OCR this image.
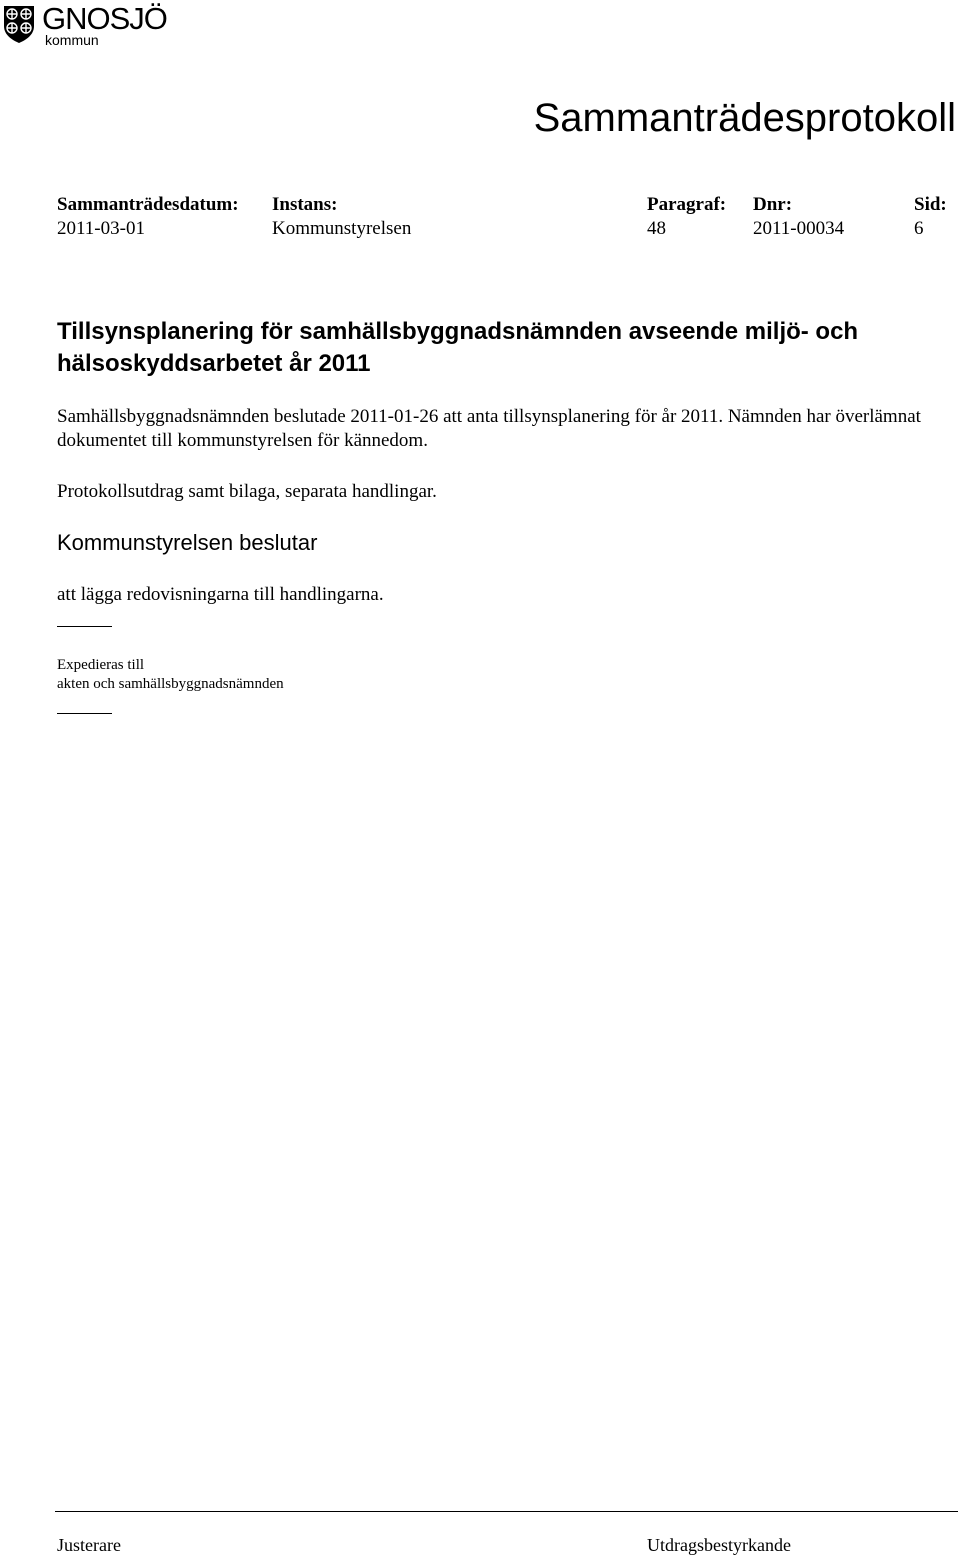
GNOSJÖ
kommun
Sammanträdesprotokoll
Sammanträdesdatum:
2011-03-01
Instans:
Kommunstyrelsen
Paragraf:
48
Dnr:
2011-00034
Sid:
6
Tillsynsplanering för samhällsbyggnadsnämnden avseende miljö- och hälsoskyddsarbetet år 2011
Samhällsbyggnadsnämnden beslutade 2011-01-26 att anta tillsynsplanering för år 2011. Nämnden har överlämnat dokumentet till kommunstyrelsen för kännedom.
Protokollsutdrag samt bilaga, separata handlingar.
Kommunstyrelsen beslutar
att lägga redovisningarna till handlingarna.
Expedieras till
akten och samhällsbyggnadsnämnden
Justerare	Utdragsbestyrkande
